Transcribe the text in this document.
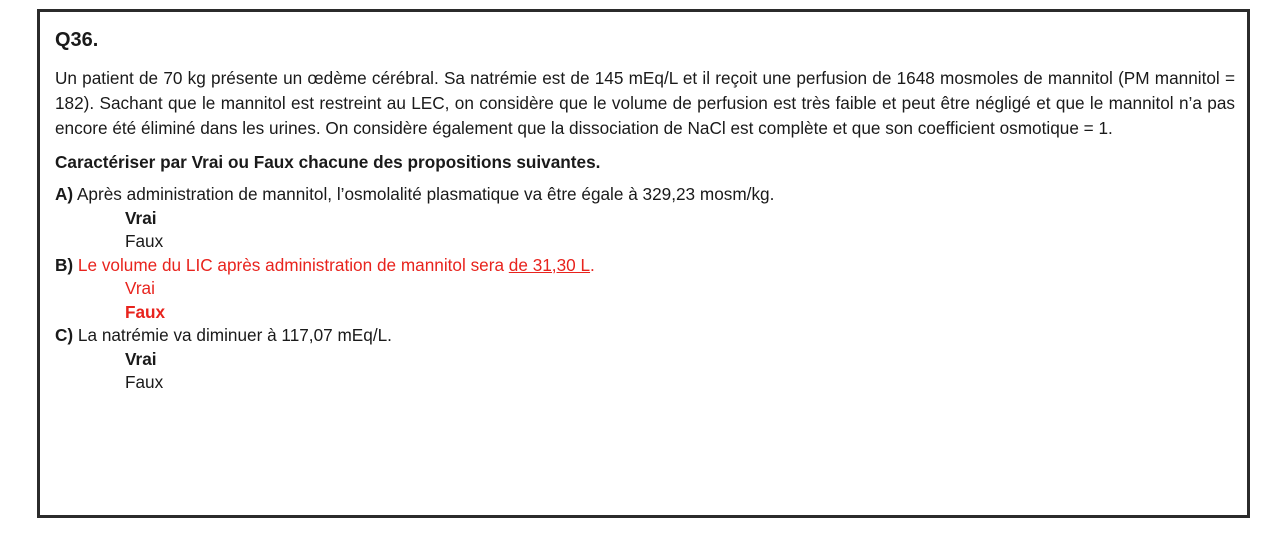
Q36.
Un patient de 70 kg présente un œdème cérébral. Sa natrémie est de 145 mEq/L et il reçoit une perfusion de 1648 mosmoles de mannitol (PM mannitol = 182). Sachant que le mannitol est restreint au LEC, on considère que le volume de perfusion est très faible et peut être négligé et que le mannitol n’a pas encore été éliminé dans les urines. On considère également que la dissociation de NaCl est complète et que son coefficient osmotique = 1.
Caractériser par Vrai ou Faux chacune des propositions suivantes.
A) Après administration de mannitol, l’osmolalité plasmatique va être égale à 329,23 mosm/kg.
Vrai
Faux
B) Le volume du LIC après administration de mannitol sera de 31,30 L.
Vrai
Faux
C) La natrémie va diminuer à 117,07 mEq/L.
Vrai
Faux
